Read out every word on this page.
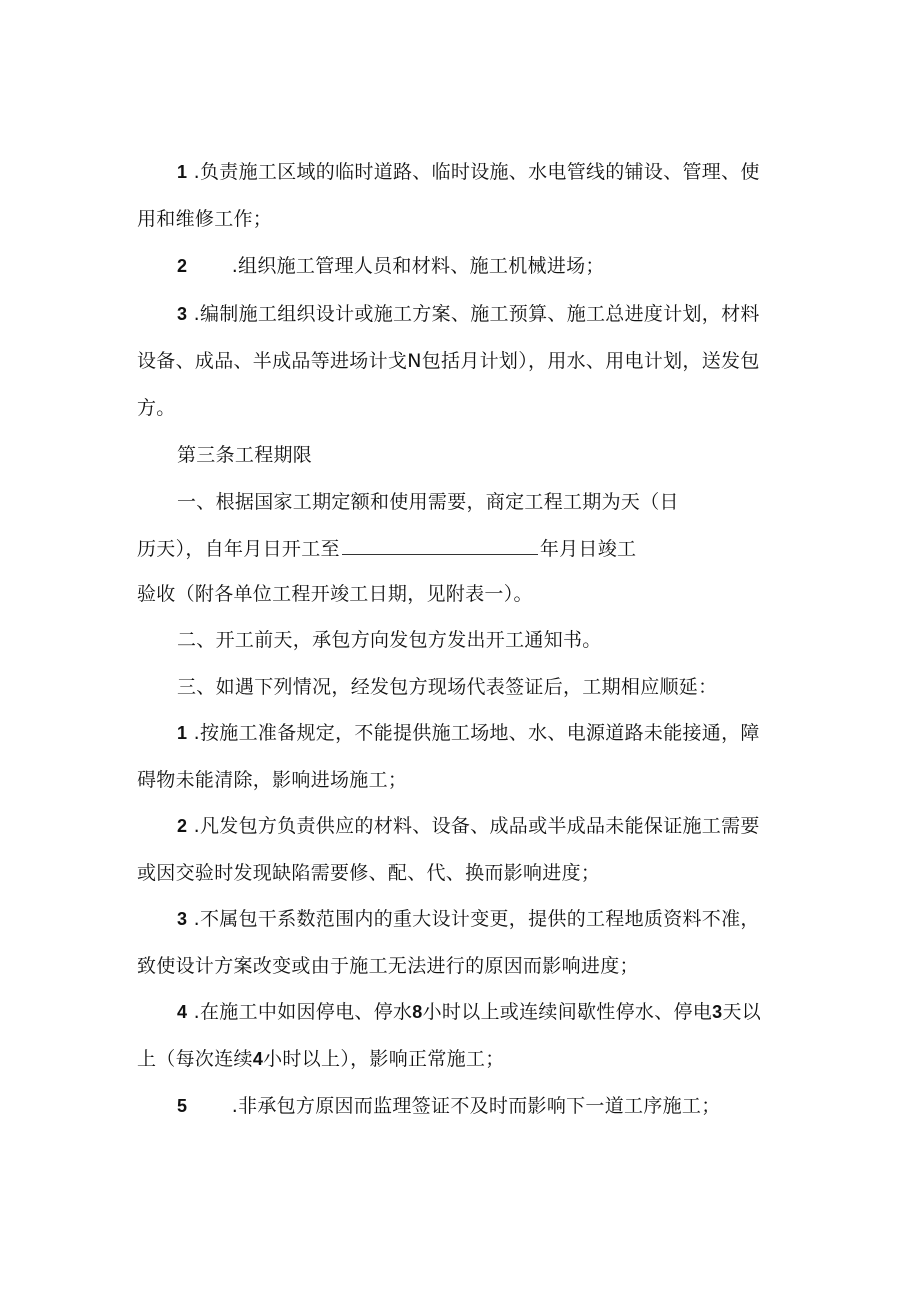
1 .负责施工区域的临时道路、临时设施、水电管线的铺设、管理、使
用和维修工作；
2       .组织施工管理人员和材料、施工机械进场；
3 .编制施工组织设计或施工方案、施工预算、施工总进度计划，材料
设备、成品、半成品等进场计戈N包括月计划），用水、用电计划，送发包
方。
第三条工程期限
一、根据国家工期定额和使用需要，商定工程工期为天（日
历天），自年月日开工至	年月日竣工
验收（附各单位工程开竣工日期，见附表一）。
二、开工前天，承包方向发包方发出开工通知书。
三、如遇下列情况，经发包方现场代表签证后，工期相应顺延：
1 .按施工准备规定，不能提供施工场地、水、电源道路未能接通，障
碍物未能清除，影响进场施工；
2 .凡发包方负责供应的材料、设备、成品或半成品未能保证施工需要
或因交验时发现缺陷需要修、配、代、换而影响进度；
3 .不属包干系数范围内的重大设计变更，提供的工程地质资料不准，
致使设计方案改变或由于施工无法进行的原因而影响进度；
4 .在施工中如因停电、停水8小时以上或连续间歇性停水、停电3天以
上（每次连续4小时以上），影响正常施工；
5       .非承包方原因而监理签证不及时而影响下一道工序施工；
